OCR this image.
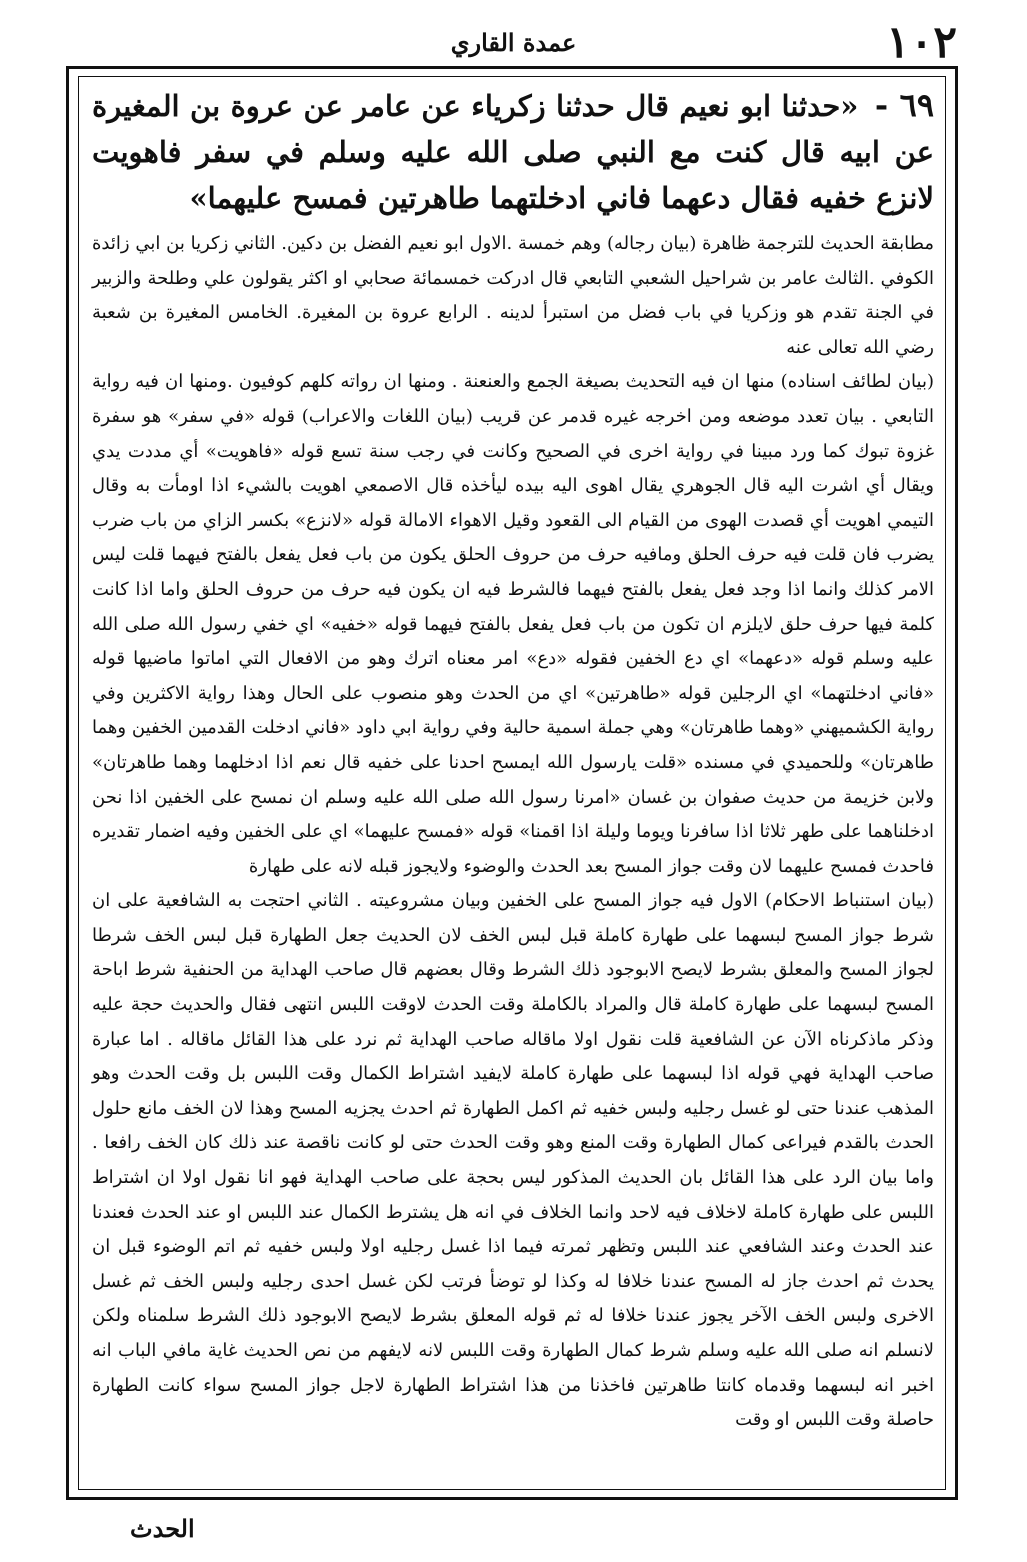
١٠٢
عمدة القاري

٦٩ - «حدثنا ابو نعيم قال حدثنا زكرياء عن عامر عن عروة بن المغيرة عن ابيه قال كنت مع النبي صلى الله عليه وسلم في سفر فاهويت لانزع خفيه فقال دعهما فاني ادخلتهما طاهرتين فمسح عليهما»

مطابقة الحديث للترجمة ظاهرة (بيان رجاله) وهم خمسة .الاول ابو نعيم الفضل بن دكين. الثاني زكريا بن ابي زائدة الكوفي .الثالث عامر بن شراحيل الشعبي التابعي قال ادركت خمسمائة صحابي او اكثر يقولون علي وطلحة والزبير في الجنة تقدم هو وزكريا في باب فضل من استبرأ لدينه . الرابع عروة بن المغيرة. الخامس المغيرة بن شعبة رضي الله تعالى عنه

(بيان لطائف اسناده) منها ان فيه التحديث بصيغة الجمع والعنعنة . ومنها ان رواته كلهم كوفيون .ومنها ان فيه رواية التابعي . بيان تعدد موضعه ومن اخرجه غيره قدمر عن قريب (بيان اللغات والاعراب) قوله «في سفر» هو سفرة غزوة تبوك كما ورد مبينا في رواية اخرى في الصحيح وكانت في رجب سنة تسع قوله «فاهويت» أي مددت يدي ويقال أي اشرت اليه قال الجوهري يقال اهوى اليه بيده ليأخذه قال الاصمعي اهويت بالشيء اذا اومأت به وقال التيمي اهويت أي قصدت الهوى من القيام الى القعود وقيل الاهواء الامالة قوله «لانزع» بكسر الزاي من باب ضرب يضرب فان قلت فيه حرف الحلق ومافيه حرف من حروف الحلق يكون من باب فعل يفعل بالفتح فيهما قلت ليس الامر كذلك وانما اذا وجد فعل يفعل بالفتح فيهما فالشرط فيه ان يكون فيه حرف من حروف الحلق واما اذا كانت كلمة فيها حرف حلق لايلزم ان تكون من باب فعل يفعل بالفتح فيهما قوله «خفيه» اي خفي رسول الله صلى الله عليه وسلم قوله «دعهما» اي دع الخفين فقوله «دع» امر معناه اترك وهو من الافعال التي اماتوا ماضيها قوله «فاني ادخلتهما» اي الرجلين قوله «طاهرتين» اي من الحدث وهو منصوب على الحال وهذا رواية الاكثرين وفي رواية الكشميهني «وهما طاهرتان» وهي جملة اسمية حالية وفي رواية ابي داود «فاني ادخلت القدمين الخفين وهما طاهرتان» وللحميدي في مسنده «قلت يارسول الله ايمسح احدنا على خفيه قال نعم اذا ادخلهما وهما طاهرتان» ولابن خزيمة من حديث صفوان بن غسان «امرنا رسول الله صلى الله عليه وسلم ان نمسح على الخفين اذا نحن ادخلناهما على طهر ثلاثا اذا سافرنا ويوما وليلة اذا اقمنا» قوله «فمسح عليهما» اي على الخفين وفيه اضمار تقديره فاحدث فمسح عليهما لان وقت جواز المسح بعد الحدث والوضوء ولايجوز قبله لانه على طهارة

(بيان استنباط الاحكام) الاول فيه جواز المسح على الخفين وبيان مشروعيته . الثاني احتجت به الشافعية على ان شرط جواز المسح لبسهما على طهارة كاملة قبل لبس الخف لان الحديث جعل الطهارة قبل لبس الخف شرطا لجواز المسح والمعلق بشرط لايصح الابوجود ذلك الشرط وقال بعضهم قال صاحب الهداية من الحنفية شرط اباحة المسح لبسهما على طهارة كاملة قال والمراد بالكاملة وقت الحدث لاوقت اللبس انتهى فقال والحديث حجة عليه وذكر ماذكرناه الآن عن الشافعية قلت نقول اولا ماقاله صاحب الهداية ثم نرد على هذا القائل ماقاله . اما عبارة صاحب الهداية فهي قوله اذا لبسهما على طهارة كاملة لايفيد اشتراط الكمال وقت اللبس بل وقت الحدث وهو المذهب عندنا حتى لو غسل رجليه ولبس خفيه ثم اكمل الطهارة ثم احدث يجزيه المسح وهذا لان الخف مانع حلول الحدث بالقدم فيراعى كمال الطهارة وقت المنع وهو وقت الحدث حتى لو كانت ناقصة عند ذلك كان الخف رافعا . واما بيان الرد على هذا القائل بان الحديث المذكور ليس بحجة على صاحب الهداية فهو انا نقول اولا ان اشتراط اللبس على طهارة كاملة لاخلاف فيه لاحد وانما الخلاف في انه هل يشترط الكمال عند اللبس او عند الحدث فعندنا عند الحدث وعند الشافعي عند اللبس وتظهر ثمرته فيما اذا غسل رجليه اولا ولبس خفيه ثم اتم الوضوء قبل ان يحدث ثم احدث جاز له المسح عندنا خلافا له وكذا لو توضأ فرتب لكن غسل احدى رجليه ولبس الخف ثم غسل الاخرى ولبس الخف الآخر يجوز عندنا خلافا له ثم قوله المعلق بشرط لايصح الابوجود ذلك الشرط سلمناه ولكن لانسلم انه صلى الله عليه وسلم شرط كمال الطهارة وقت اللبس لانه لايفهم من نص الحديث غاية مافي الباب انه اخبر انه لبسهما وقدماه كانتا طاهرتين فاخذنا من هذا اشتراط الطهارة لاجل جواز المسح سواء كانت الطهارة حاصلة وقت اللبس او وقت

الحدث
